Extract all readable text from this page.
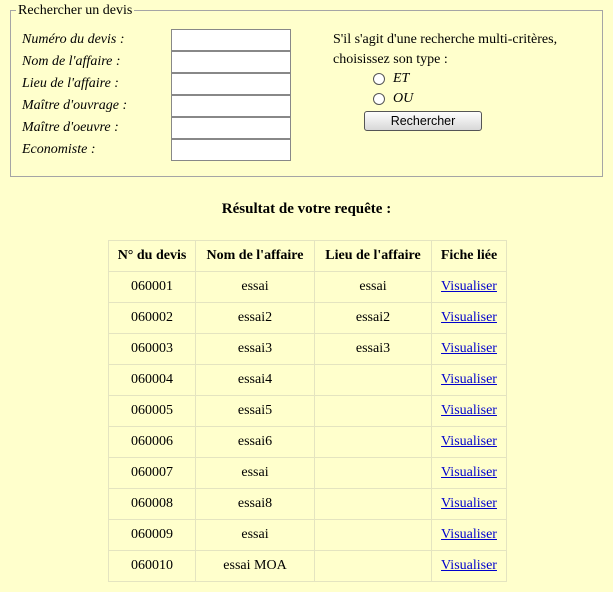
Rechercher un devis
Numéro du devis :
Nom de l'affaire :
Lieu de l'affaire :
Maître d'ouvrage :
Maître d'oeuvre :
Economiste :
S'il s'agit d'une recherche multi-critères,
choisissez son type :
ET
OU
Rechercher
Résultat de votre requête :
N° du devis	Nom de l'affaire	Lieu de l'affaire	Fiche liée
060001	essai	essai	Visualiser
060002	essai2	essai2	Visualiser
060003	essai3	essai3	Visualiser
060004	essai4		Visualiser
060005	essai5		Visualiser
060006	essai6		Visualiser
060007	essai		Visualiser
060008	essai8		Visualiser
060009	essai		Visualiser
060010	essai MOA		Visualiser
